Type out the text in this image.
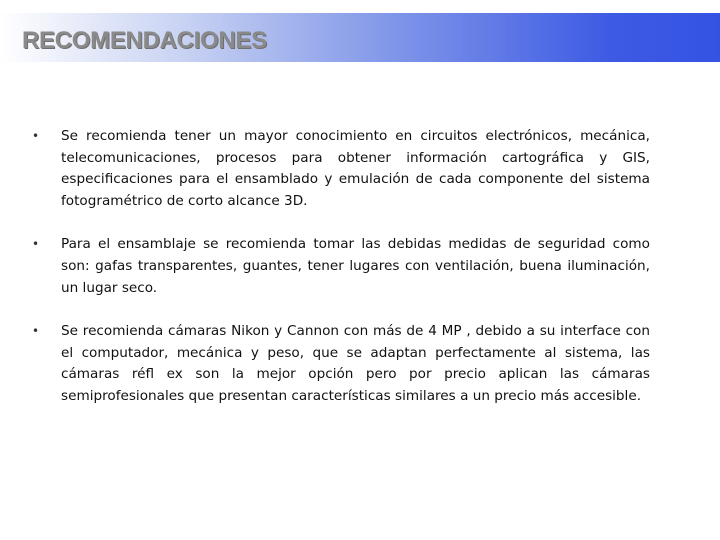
RECOMENDACIONES
• Se recomienda tener un mayor conocimiento en circuitos electrónicos, mecánica, telecomunicaciones, procesos para obtener información cartográfica y GIS, especificaciones para el ensamblado y emulación de cada componente del sistema fotogramétrico de corto alcance 3D.
• Para el ensamblaje se recomienda tomar las debidas medidas de seguridad como son: gafas transparentes, guantes, tener lugares con ventilación, buena iluminación, un lugar seco.
• Se recomienda cámaras Nikon y Cannon con más de 4 MP , debido a su interface con el computador, mecánica y peso, que se adaptan perfectamente al sistema, las cámaras réfl ex son la mejor opción pero por precio aplican las cámaras semiprofesionales que presentan características similares a un precio más accesible.
